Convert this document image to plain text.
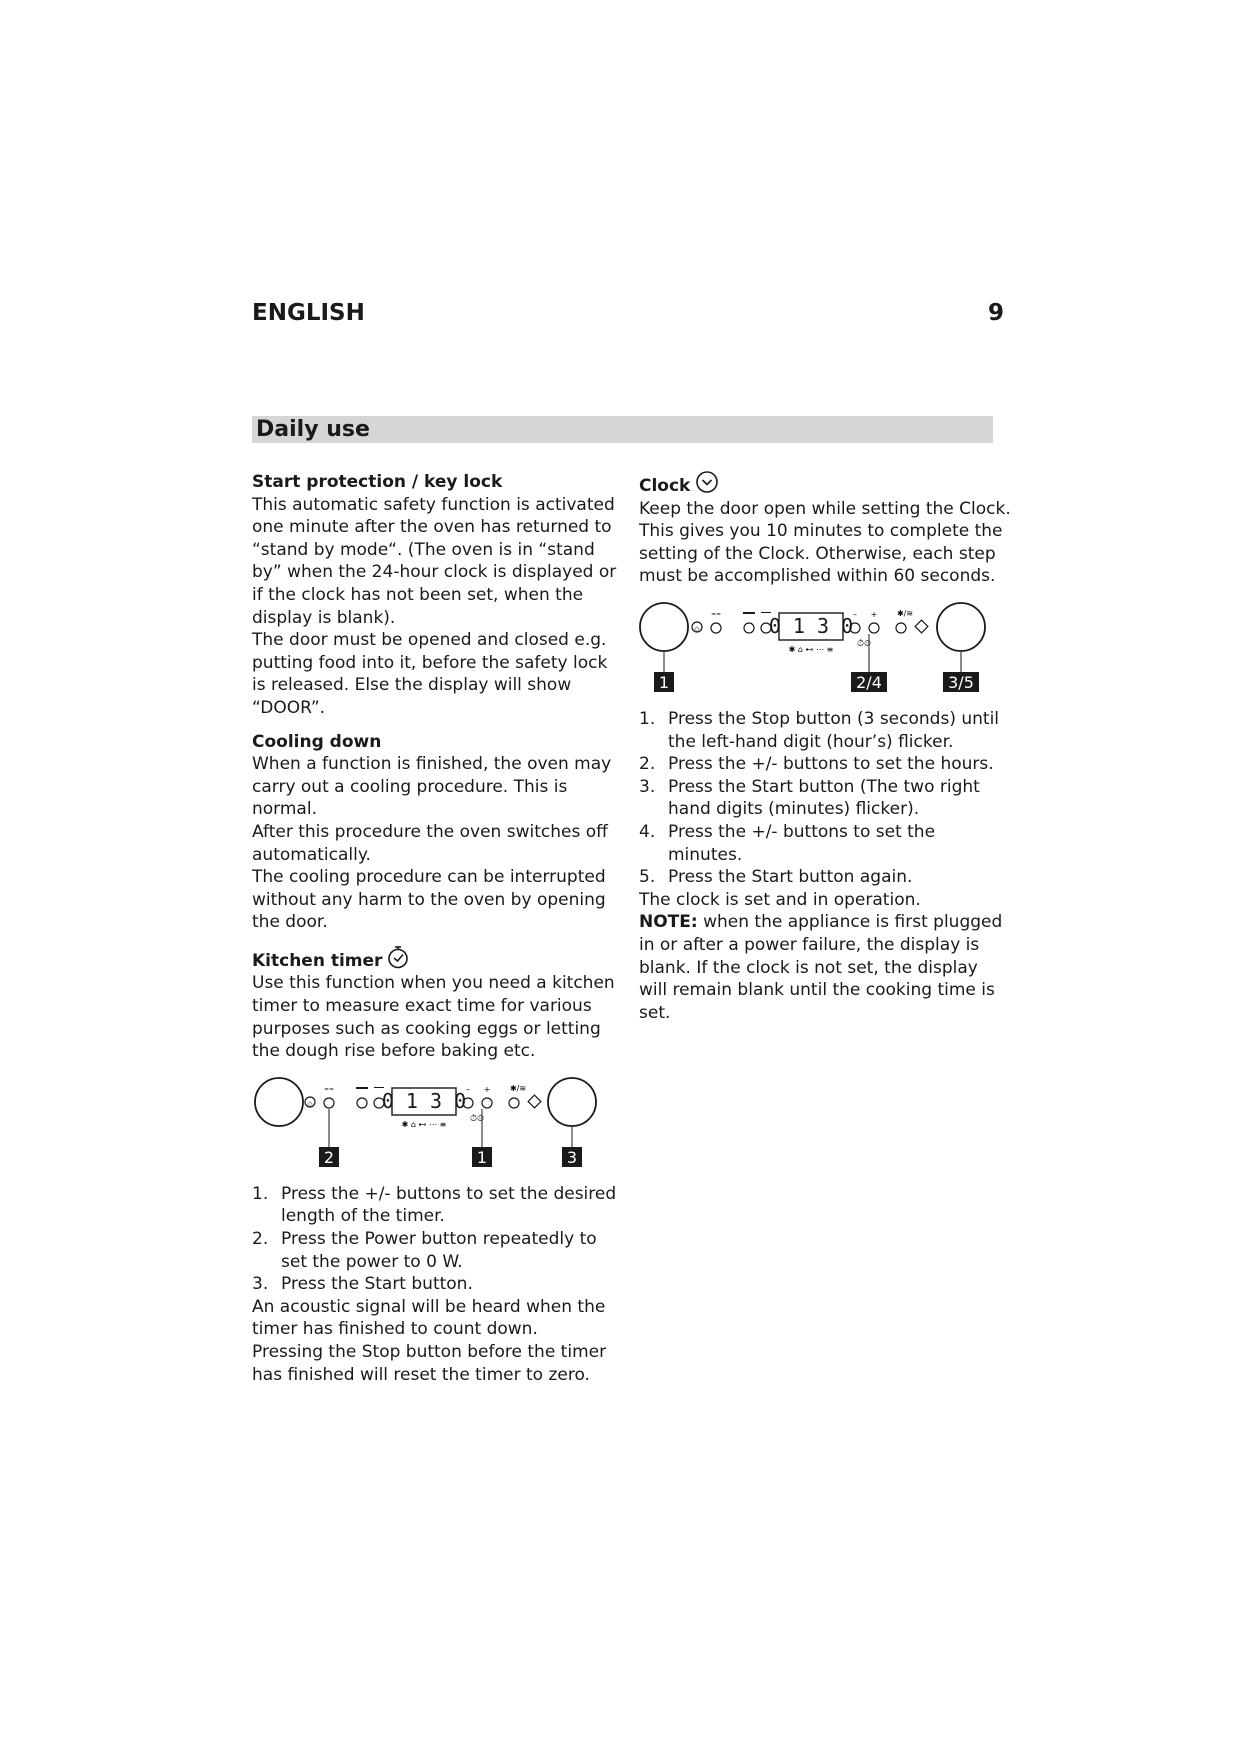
ENGLISH	9
Daily use
Start protection / key lock

This automatic safety function is activated one minute after the oven has returned to “stand by mode“. (The oven is in “stand by” when the 24-hour clock is displayed or if the clock has not been set, when the display is blank).

The door must be opened and closed e.g. putting food into it, before the safety lock is released. Else the display will show “DOOR”.

Cooling down

When a function is finished, the oven may carry out a cooling procedure. This is normal.

After this procedure the oven switches off automatically.

The cooling procedure can be interrupted without any harm to the oven by opening the door.

Kitchen timer

Use this function when you need a kitchen timer to measure exact time for various purposes such as cooking eggs or letting the dough rise before baking etc.

◇
≈≈ 0 1 3 0
✱ ⌂ ⊷ ⋯ ≡
– +
⏱⏲
✱/≋
2	1	3
1. Press the +/- buttons to set the desired length of the timer.
2. Press the Power button repeatedly to set the power to 0 W.
3. Press the Start button.

An acoustic signal will be heard when the timer has finished to count down.

Pressing the Stop button before the timer has finished will reset the timer to zero.

Clock

Keep the door open while setting the Clock. This gives you 10 minutes to complete the setting of the Clock. Otherwise, each step must be accomplished within 60 seconds.

◇
≈≈ 0 1 3 0
✱ ⌂ ⊷ ⋯ ≡
– +
⏱⏲
✱/≋
1	2/4	3/5
1. Press the Stop button (3 seconds) until the left-hand digit (hour’s) flicker.
2. Press the +/- buttons to set the hours.
3. Press the Start button (The two right hand digits (minutes) flicker).
4. Press the +/- buttons to set the minutes.
5. Press the Start button again.

The clock is set and in operation.

NOTE: when the appliance is first plugged in or after a power failure, the display is blank. If the clock is not set, the display will remain blank until the cooking time is set.
